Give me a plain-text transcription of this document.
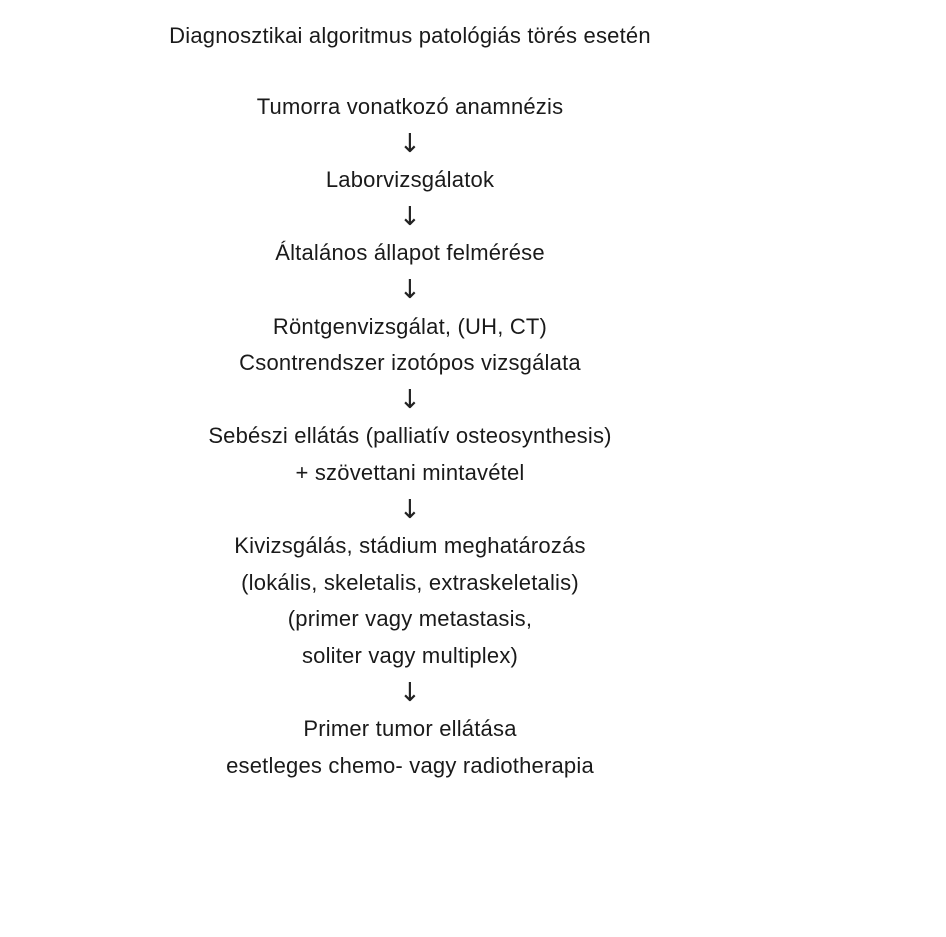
Diagnosztikai algoritmus patológiás törés esetén
Tumorra vonatkozó anamnézis
↓
Laborvizsgálatok
↓
Általános állapot felmérése
↓
Röntgenvizsgálat, (UH, CT)
Csontrendszer izotópos vizsgálata
↓
Sebészi ellátás (palliatív osteosynthesis)
+ szövettani mintavétel
↓
Kivizsgálás, stádium meghatározás
(lokális, skeletalis, extraskeletalis)
(primer vagy metastasis,
soliter vagy multiplex)
↓
Primer tumor ellátása
esetleges chemo- vagy radiotherapia
